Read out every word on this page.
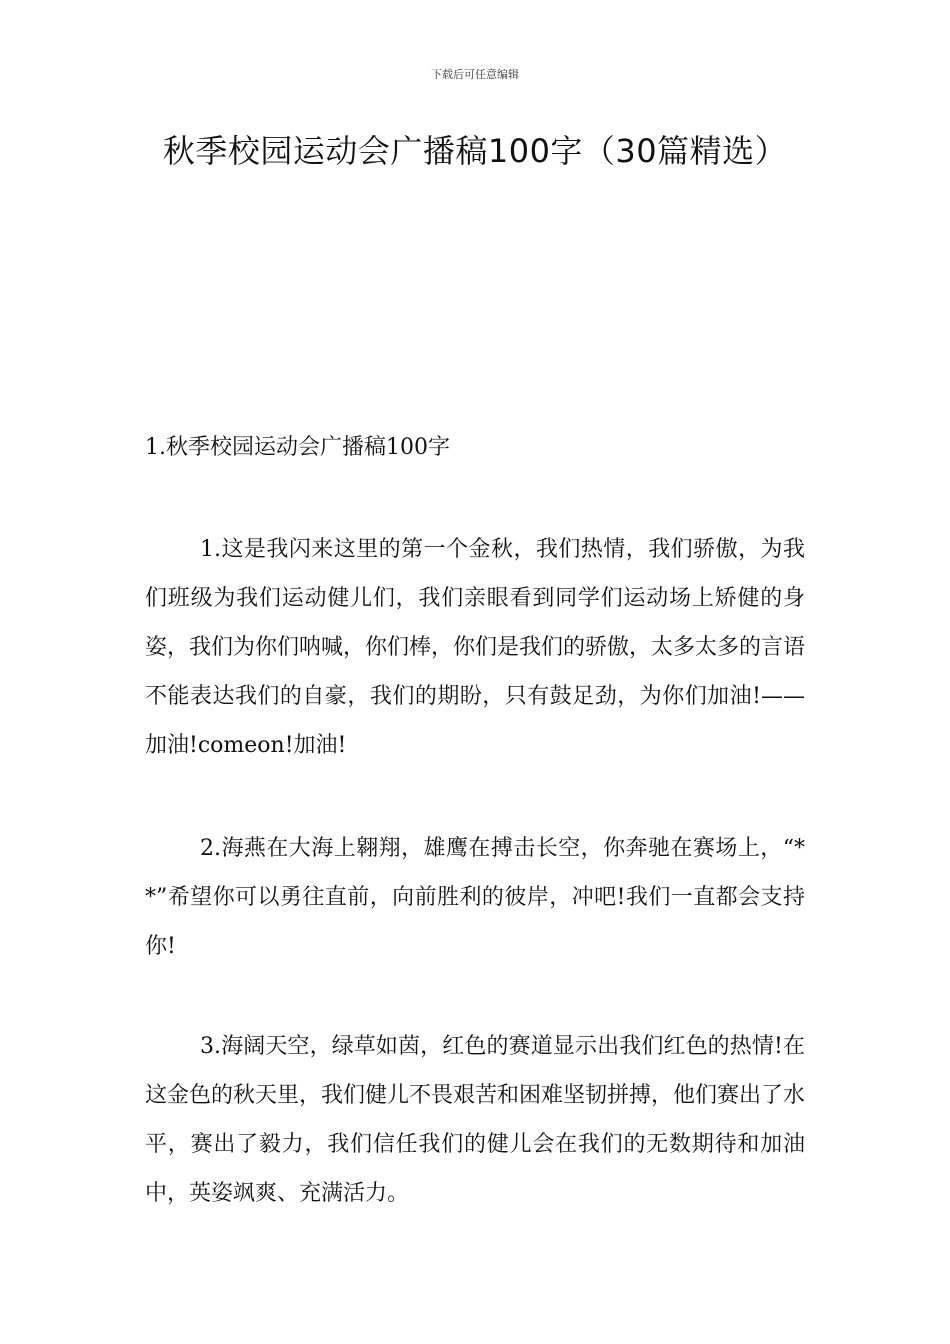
下载后可任意编辑
秋季校园运动会广播稿100字（30篇精选）

1.秋季校园运动会广播稿100字

1.这是我闪来这里的第一个金秋，我们热情，我们骄傲，为我们班级为我们运动健儿们，我们亲眼看到同学们运动场上矫健的身姿，我们为你们呐喊，你们棒，你们是我们的骄傲，太多太多的言语不能表达我们的自豪，我们的期盼，只有鼓足劲，为你们加油!——加油!comeon!加油!

2.海燕在大海上翱翔，雄鹰在搏击长空，你奔驰在赛场上，“**”希望你可以勇往直前，向前胜利的彼岸，冲吧!我们一直都会支持你!

3.海阔天空，绿草如茵，红色的赛道显示出我们红色的热情!在这金色的秋天里，我们健儿不畏艰苦和困难坚韧拼搏，他们赛出了水平，赛出了毅力，我们信任我们的健儿会在我们的无数期待和加油中，英姿飒爽、充满活力。
